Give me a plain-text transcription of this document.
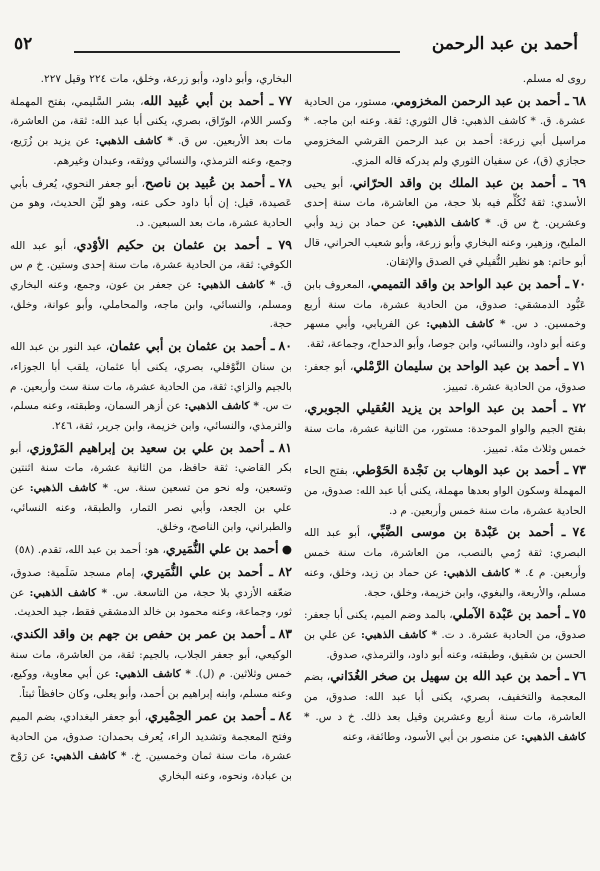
أحمد بن عبد الرحمن
٥٢

روى له مسلم.

٦٨ ـ أحمد بن عبد الرحمن المخزومي، مستور، من الحادية عشرة. ق. * كاشف الذهبي: قال الثوري: ثقة. وعنه ابن ماجه. * مراسيل أبي زرعة: أحمد بن عبد الرحمن القرشي المخزومي حجازي (ق)، عن سفيان الثوري ولم يدركه قاله المزي.

٦٩ ـ أحمد بن عبد الملك بن واقد الحرّاني، أبو يحيى الأسدي: ثقة تُكُلِّم فيه بلا حجة، من العاشرة، مات سنة إحدى وعشرين. خ س ق. * كاشف الذهبي: عن حماد بن زيد وأبي المليح، وزهير، وعنه البخاري وأبو زرعة، وأبو شعيب الحراني، قال أبو حاتم: هو نظير النُّفيلي في الصدق والإتقان.

٧٠ ـ أحمد بن عبد الواحد بن واقد التميمي، المعروف بابن عَبُّود الدمشقي: صدوق، من الحادية عشرة، مات سنة أربع وخمسين. د س. * كاشف الذهبي: عن الفريابي، وأبي مسهر وعنه أبو داود، والنسائي، وابن جوصا، وأبو الدحداح، وجماعة، ثقة.

٧١ ـ أحمد بن عبد الواحد بن سليمان الرَّمْلي، أبو جعفر: صدوق، من الحادية عشرة. تمييز.

٧٢ ـ أحمد بن عبد الواحد بن يزيد العُقيلي الجوبري، بفتح الجيم والواو الموحدة: مستور، من الثانية عشرة، مات سنة خمس وثلاث مئة. تمييز.

٧٣ ـ أحمد بن عبد الوهاب بن نَجْدة الحَوْطي، بفتح الحاء المهملة وسكون الواو بعدها مهملة، يكنى أبا عبد الله: صدوق، من الحادية عشرة، مات سنة خمس وأربعين. م د.

٧٤ ـ أحمد بن عَبْدة بن موسى الضَّبِّي، أبو عبد الله البصري: ثقة رُمي بالنصب، من العاشرة، مات سنة خمس وأربعين. م ٤. * كاشف الذهبي: عن حماد بن زيد، وخلق، وعنه مسلم، والأربعة، والبغوي، وابن خزيمة، وخلق، حجة.

٧٥ ـ أحمد بن عَبْدة الآملي، بالمد وضم الميم، يكنى أبا جعفر: صدوق، من الحادية عشرة. د ت. * كاشف الذهبي: عن علي بن الحسن بن شقيق، وطبقته، وعنه أبو داود، والترمذي، صدوق.

٧٦ ـ أحمد بن عبد الله بن سهيل بن صخر الغُدَاني، بضم المعجمة والتخفيف، بصري، يكنى أبا عبد الله: صدوق، من العاشرة، مات سنة أربع وعشرين وقيل بعد ذلك. خ د س. * كاشف الذهبي: عن منصور بن أبي الأسود، وطائفة، وعنه

البخاري، وأبو داود، وأبو زرعة، وخلق، مات ٢٢٤ وقيل ٢٢٧.

٧٧ ـ أحمد بن أبي عُبيد الله، بشر السَّليمي، بفتح المهملة وكسر اللام، الورّاق، بصري، يكنى أبا عبد الله: ثقة، من العاشرة، مات بعد الأربعين. س ق. * كاشف الذهبي: عن يزيد بن زُرَيع، وجمع، وعنه الترمذي، والنسائي ووثقه، وعبدان وغيرهم.

٧٨ ـ أحمد بن عُبيد بن ناصح، أبو جعفر النحوي، يُعرف بأبي عَصيدة، قيل: إن أبا داود حكى عنه، وهو ليِّن الحديث، وهو من الحادية عشرة، مات بعد السبعين. د.

٧٩ ـ أحمد بن عثمان بن حكيم الأوْدي، أبو عبد الله الكوفي: ثقة، من الحادية عشرة، مات سنة إحدى وستين. خ م س ق. * كاشف الذهبي: عن جعفر بن عون، وجمع، وعنه البخاري ومسلم، والنسائي، وابن ماجه، والمحاملي، وأبو عوانة، وخلق، حجة.

٨٠ ـ أحمد بن عثمان بن أبي عثمان، عبد النور بن عبد الله بن سنان النَّوْفلي، بصري، يكنى أبا عثمان، يلقب أبا الجوزاء، بالجيم والزاي: ثقة، من الحادية عشرة، مات سنة ست وأربعين. م ت س. * كاشف الذهبي: عن أزهر السمان، وطبقته، وعنه مسلم، والترمذي، والنسائي، وابن خزيمة، وابن جرير، ثقة، ٢٤٦.

٨١ ـ أحمد بن علي بن سعيد بن إبراهيم المَرْوزي، أبو بكر القاضي: ثقة حافظ، من الثانية عشرة، مات سنة اثنتين وتسعين، وله نحو من تسعين سنة. س. * كاشف الذهبي: عن علي بن الجعد، وأبي نصر التمار، والطبقة، وعنه النسائي، والطبراني، وابن الناصح، وخلق.

● أحمد بن علي النُّمَيري، هو: أحمد بن عبد الله، تقدم. (٥٨)

٨٢ ـ أحمد بن علي النُّمَيري، إمام مسجد سَلَمية: صدوق، ضعّفه الأزدي بلا حجة، من التاسعة. س. * كاشف الذهبي: عن ثور، وجماعة، وعنه محمود بن خالد الدمشقي فقط، جيد الحديث.

٨٣ ـ أحمد بن عمر بن حفص بن جهم بن واقد الكندي، الوكيعي، أبو جعفر الجلاب، بالجيم: ثقة، من العاشرة، مات سنة خمس وثلاثين. م (ل). * كاشف الذهبي: عن أبي معاوية، ووكيع، وعنه مسلم، وابنه إبراهيم بن أحمد، وأبو يعلى، وكان حافظاً ثبتاً.

٨٤ ـ أحمد بن عمر الحِمْيري، أبو جعفر البغدادي، بضم الميم وفتح المعجمة وتشديد الراء، يُعرف بحمدان: صدوق، من الحادية عشرة، مات سنة ثمان وخمسين. خ. * كاشف الذهبي: عن رَوْح بن عبادة، ونحوه، وعنه البخاري
